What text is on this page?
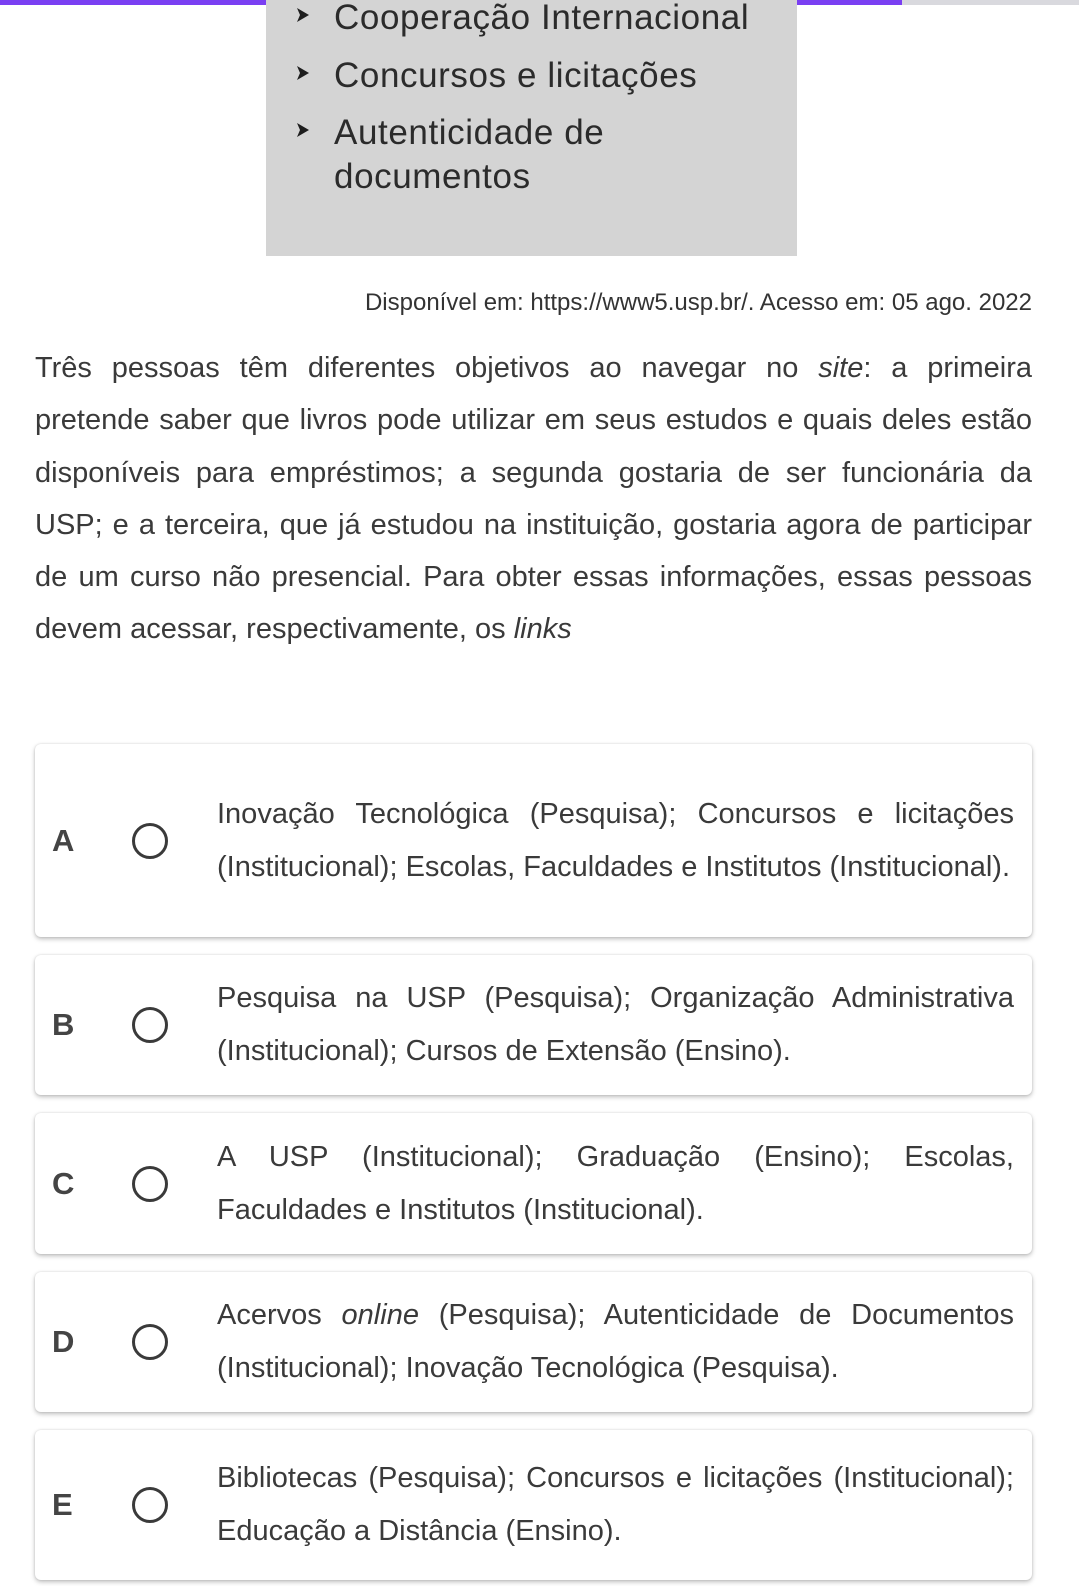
Cooperação Internacional
Concursos e licitações
Autenticidade de documentos
Disponível em: https://www5.usp.br/. Acesso em: 05 ago. 2022

Três pessoas têm diferentes objetivos ao navegar no site: a primeira pretende saber que livros pode utilizar em seus estudos e quais deles estão disponíveis para empréstimos; a segunda gostaria de ser funcionária da USP; e a terceira, que já estudou na instituição, gostaria agora de participar de um curso não presencial. Para obter essas informações, essas pessoas devem acessar, respectivamente, os links

A
Inovação Tecnológica (Pesquisa); Concursos e licitações (Institucional); Escolas, Faculdades e Institutos (Institucional).
B
Pesquisa na USP (Pesquisa); Organização Administrativa (Institucional); Cursos de Extensão (Ensino).
C
A USP (Institucional); Graduação (Ensino); Escolas, Faculdades e Institutos (Institucional).
D
Acervos online (Pesquisa); Autenticidade de Documentos (Institucional); Inovação Tecnológica (Pesquisa).
E
Bibliotecas (Pesquisa); Concursos e licitações (Institucional); Educação a Distância (Ensino).
